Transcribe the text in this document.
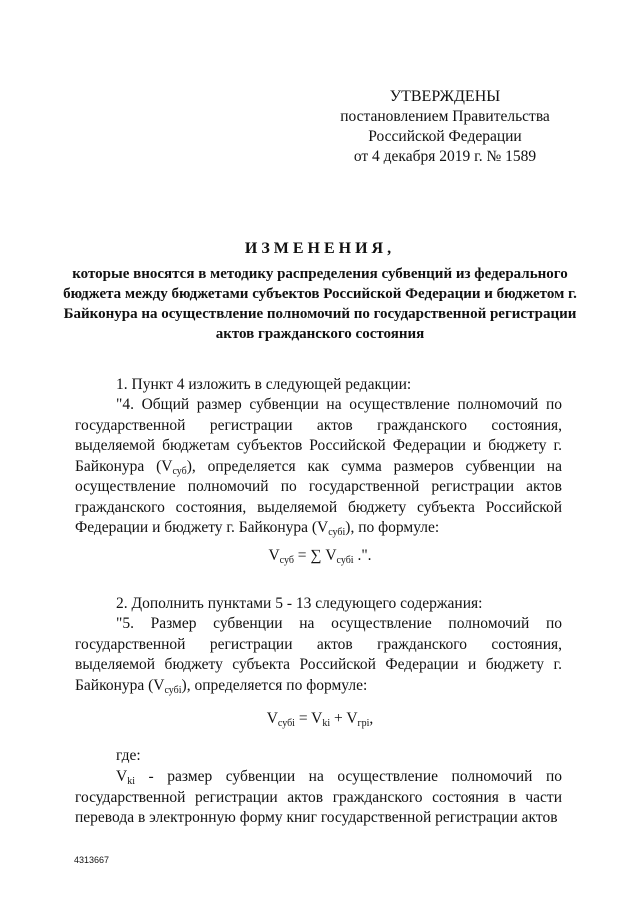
УТВЕРЖДЕНЫ
постановлением Правительства
Российской Федерации
от 4 декабря 2019 г. № 1589
ИЗМЕНЕНИЯ,
которые вносятся в методику распределения субвенций из федерального бюджета между бюджетами субъектов Российской Федерации и бюджетом г. Байконура на осуществление полномочий по государственной регистрации актов гражданского состояния
1. Пункт 4 изложить в следующей редакции:
"4. Общий размер субвенции на осуществление полномочий по государственной регистрации актов гражданского состояния, выделяемой бюджетам субъектов Российской Федерации и бюджету г. Байконура $(V_{суб})$, определяется как сумма размеров субвенции на осуществление полномочий по государственной регистрации актов гражданского состояния, выделяемой бюджету субъекта Российской Федерации и бюджету г. Байконура $(V_{субi})$, по формуле:
$V_{суб}$ = ∑ $V_{субi}$ .".
2. Дополнить пунктами 5 - 13 следующего содержания:
"5. Размер субвенции на осуществление полномочий по государственной регистрации актов гражданского состояния, выделяемой бюджету субъекта Российской Федерации и бюджету г. Байконура $(V_{субi})$, определяется по формуле:
$V_{субi} = V_{ki} + V_{гpi}$,
где:
$V_{ki}$ - размер субвенции на осуществление полномочий по государственной регистрации актов гражданского состояния в части перевода в электронную форму книг государственной регистрации актов
4313667
